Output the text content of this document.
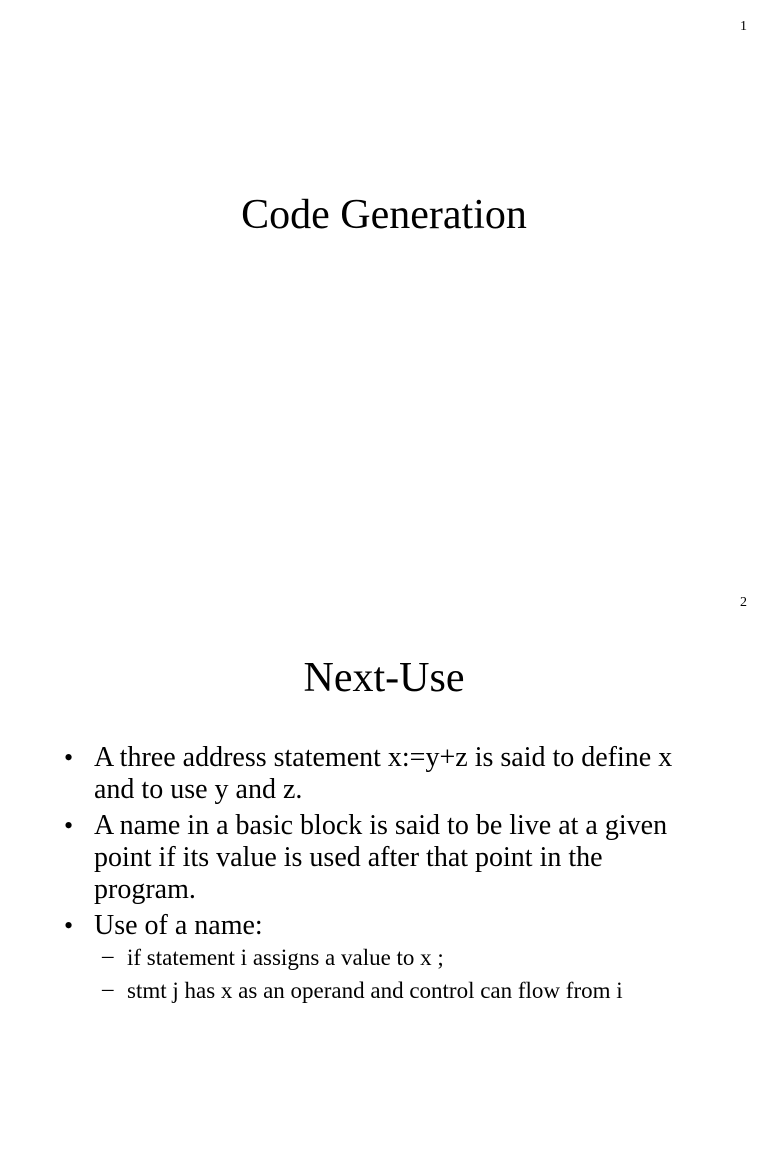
1
Code Generation
2
Next-Use
• A three address statement x:=y+z is said to define x and to use y and z.
• A name in a basic block is said to be live at a given point if its value is used after that point in the program.
• Use of a name:
– if statement i assigns a value to x ;
– stmt j has x as an operand and control can flow from i
